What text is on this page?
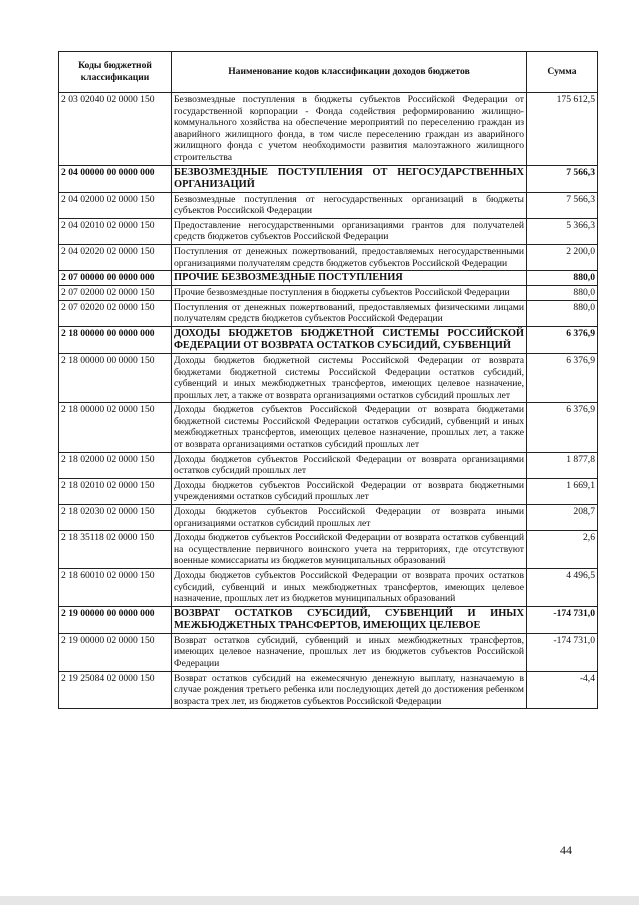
Коды бюджетной классификации	Наименование кодов классификации доходов бюджетов	Сумма
2 03 02040 02 0000 150	Безвозмездные поступления в бюджеты субъектов Российской Федерации от государственной корпорации - Фонда содействия реформированию жилищно-коммунального хозяйства на обеспечение мероприятий по переселению граждан из аварийного жилищного фонда, в том числе переселению граждан из аварийного жилищного фонда с учетом необходимости развития малоэтажного жилищного строительства	175 612,5
2 04 00000 00 0000 000	БЕЗВОЗМЕЗДНЫЕ ПОСТУПЛЕНИЯ ОТ НЕГОСУДАРСТВЕННЫХ ОРГАНИЗАЦИЙ	7 566,3
2 04 02000 02 0000 150	Безвозмездные поступления от негосударственных организаций в бюджеты субъектов Российской Федерации	7 566,3
2 04 02010 02 0000 150	Предоставление негосударственными организациями грантов для получателей средств бюджетов субъектов Российской Федерации	5 366,3
2 04 02020 02 0000 150	Поступления от денежных пожертвований, предоставляемых негосударственными организациями получателям средств бюджетов субъектов Российской Федерации	2 200,0
2 07 00000 00 0000 000	ПРОЧИЕ БЕЗВОЗМЕЗДНЫЕ ПОСТУПЛЕНИЯ	880,0
2 07 02000 02 0000 150	Прочие безвозмездные поступления в бюджеты субъектов Российской Федерации	880,0
2 07 02020 02 0000 150	Поступления от денежных пожертвований, предоставляемых физическими лицами получателям средств бюджетов субъектов Российской Федерации	880,0
2 18 00000 00 0000 000	ДОХОДЫ БЮДЖЕТОВ БЮДЖЕТНОЙ СИСТЕМЫ РОССИЙСКОЙ ФЕДЕРАЦИИ ОТ ВОЗВРАТА ОСТАТКОВ СУБСИДИЙ, СУБВЕНЦИЙ	6 376,9
2 18 00000 00 0000 150	Доходы бюджетов бюджетной системы Российской Федерации от возврата бюджетами бюджетной системы Российской Федерации остатков субсидий, субвенций и иных межбюджетных трансфертов, имеющих целевое назначение, прошлых лет, а также от возврата организациями остатков субсидий прошлых лет	6 376,9
2 18 00000 02 0000 150	Доходы бюджетов субъектов Российской Федерации от возврата бюджетами бюджетной системы Российской Федерации остатков субсидий, субвенций и иных межбюджетных трансфертов, имеющих целевое назначение, прошлых лет, а также от возврата организациями остатков субсидий прошлых лет	6 376,9
2 18 02000 02 0000 150	Доходы бюджетов субъектов Российской Федерации от возврата организациями остатков субсидий прошлых лет	1 877,8
2 18 02010 02 0000 150	Доходы бюджетов субъектов Российской Федерации от возврата бюджетными учреждениями остатков субсидий прошлых лет	1 669,1
2 18 02030 02 0000 150	Доходы бюджетов субъектов Российской Федерации от возврата иными организациями остатков субсидий прошлых лет	208,7
2 18 35118 02 0000 150	Доходы бюджетов субъектов Российской Федерации от возврата остатков субвенций на осуществление первичного воинского учета на территориях, где отсутствуют военные комиссариаты из бюджетов муниципальных образований	2,6
2 18 60010 02 0000 150	Доходы бюджетов субъектов Российской Федерации от возврата прочих остатков субсидий, субвенций и иных межбюджетных трансфертов, имеющих целевое назначение, прошлых лет из бюджетов муниципальных образований	4 496,5
2 19 00000 00 0000 000	ВОЗВРАТ ОСТАТКОВ СУБСИДИЙ, СУБВЕНЦИЙ И ИНЫХ МЕЖБЮДЖЕТНЫХ ТРАНСФЕРТОВ, ИМЕЮЩИХ ЦЕЛЕВОЕ	-174 731,0
2 19 00000 02 0000 150	Возврат остатков субсидий, субвенций и иных межбюджетных трансфертов, имеющих целевое назначение, прошлых лет из бюджетов субъектов Российской Федерации	-174 731,0
2 19 25084 02 0000 150	Возврат остатков субсидий на ежемесячную денежную выплату, назначаемую в случае рождения третьего ребенка или последующих детей до достижения ребенком возраста трех лет, из бюджетов субъектов Российской Федерации	-4,4
44
